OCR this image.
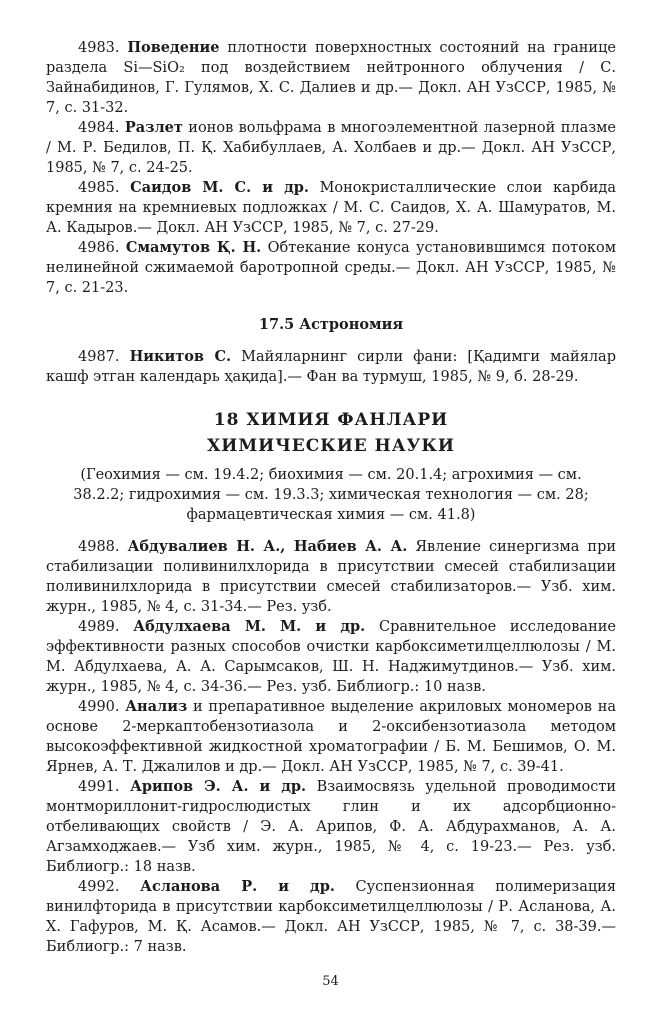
4983. Поведение плотности поверхностных состояний на границе раздела Si—SiO₂ под воздействием нейтронного облучения / С. Зайнабидинов, Г. Гулямов, Х. С. Далиев и др.— Докл. АН УзССР, 1985, № 7, с. 31-32.

4984. Разлет ионов вольфрама в многоэлементной лазерной плазме / М. Р. Бедилов, П. Қ. Хабибуллаев, А. Холбаев и др.— Докл. АН УзССР, 1985, № 7, с. 24-25.

4985. Саидов М. С. и др. Монокристаллические слои карбида кремния на кремниевых подложках / М. С. Саидов, Х. А. Шамуратов, М. А. Кадыров.— Докл. АН УзССР, 1985, № 7, с. 27-29.

4986. Смамутов Қ. Н. Обтекание конуса установившимся потоком нелинейной сжимаемой баротропной среды.— Докл. АН УзССР, 1985, № 7, с. 21-23.

17.5 Астрономия

4987. Никитов С. Майяларнинг сирли фани: [Қадимги майялар кашф этган календарь ҳақида].— Фан ва турмуш, 1985, № 9, б. 28-29.

18 ХИМИЯ ФАНЛАРИ
ХИМИЧЕСКИЕ НАУКИ
(Геохимия — см. 19.4.2; биохимия — см. 20.1.4; агрохимия — см. 38.2.2; гидрохимия — см. 19.3.3; химическая технология — см. 28; фармацевтическая химия — см. 41.8)

4988. Абдувалиев Н. А., Набиев А. А. Явление синергизма при стабилизации поливинилхлорида в присутствии смесей стабилизации поливинилхлорида в присутствии смесей стабилизаторов.— Узб. хим. журн., 1985, № 4, с. 31-34.— Рез. узб.

4989. Абдулхаева М. М. и др. Сравнительное исследование эффективности разных способов очистки карбоксиметилцеллюлозы / М. М. Абдулхаева, А. А. Сарымсаков, Ш. Н. Наджимутдинов.— Узб. хим. журн., 1985, № 4, с. 34-36.— Рез. узб. Библиогр.: 10 назв.

4990. Анализ и препаративное выделение акриловых мономеров на основе 2-меркаптобензотиазола и 2-оксибензотиазола методом высокоэффективной жидкостной хроматографии / Б. М. Бешимов, О. М. Ярнев, А. Т. Джалилов и др.— Докл. АН УзССР, 1985, № 7, с. 39-41.

4991. Арипов Э. А. и др. Взаимосвязь удельной проводимости монтмориллонит-гидрослюдистых глин и их адсорбционно-отбеливающих свойств / Э. А. Арипов, Ф. А. Абдурахманов, А. А. Агзамходжаев.— Узб хим. журн., 1985, № 4, с. 19-23.— Рез. узб. Библиогр.: 18 назв.

4992. Асланова Р. и др. Суспензионная полимеризация винилфторида в присутствии карбоксиметилцеллюлозы / Р. Асланова, А. Х. Гафуров, М. Қ. Асамов.— Докл. АН УзССР, 1985, № 7, с. 38-39.— Библиогр.: 7 назв.

54
